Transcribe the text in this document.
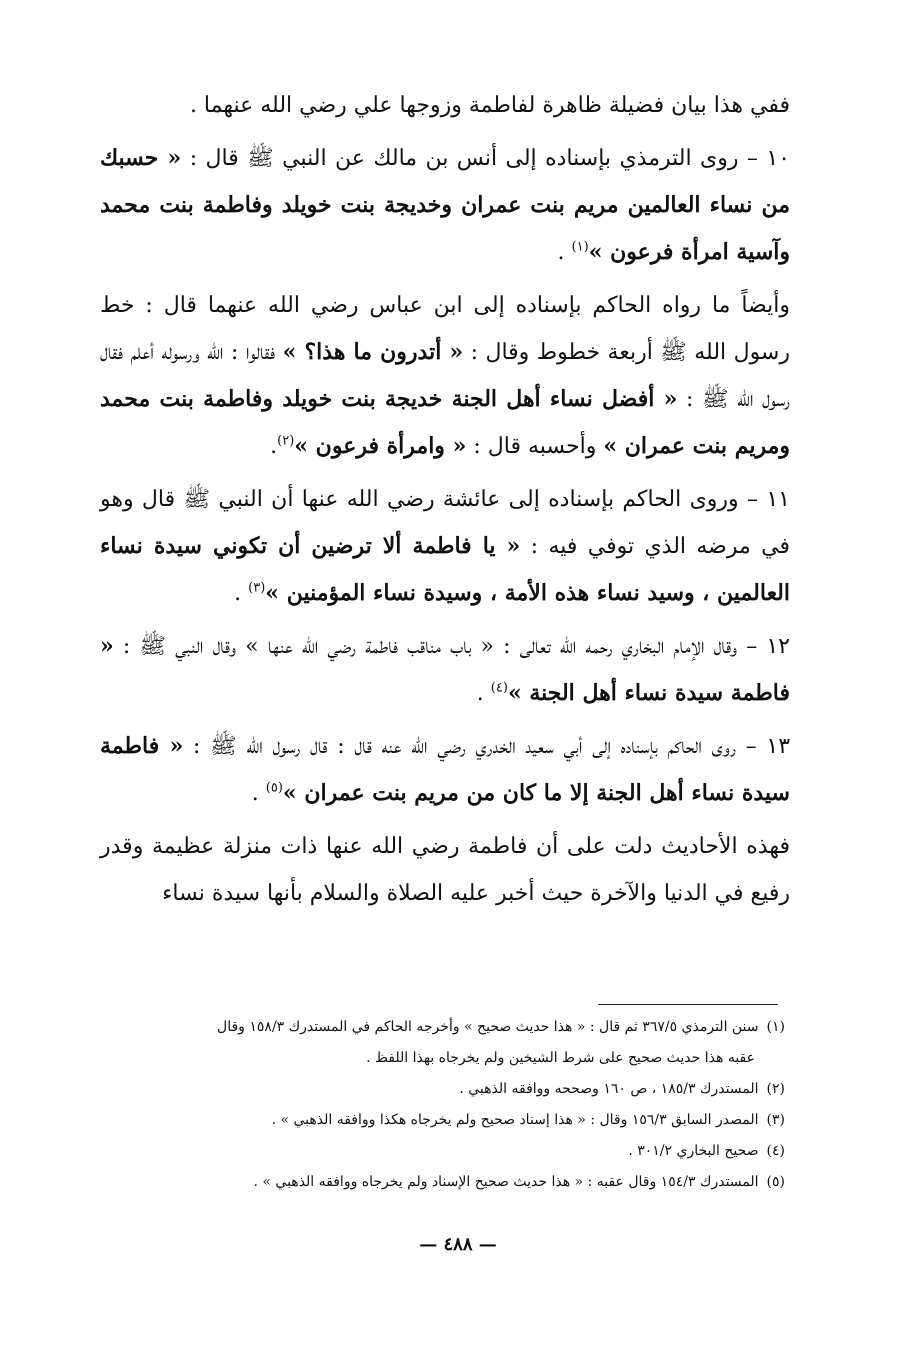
ففي هذا بيان فضيلة ظاهرة لفاطمة وزوجها علي رضي الله عنهما .

١٠ – روى الترمذي بإسناده إلى أنس بن مالك عن النبي ﷺ قال : « حسبك من نساء العالمين مريم بنت عمران وخديجة بنت خويلد وفاطمة بنت محمد وآسية امرأة فرعون »$^{(١)}$ .

وأيضاً ما رواه الحاكم بإسناده إلى ابن عباس رضي الله عنهما قال : خط رسول الله ﷺ أربعة خطوط وقال : « أتدرون ما هذا؟ » فقالوا : الله ورسوله أعلم فقال رسول الله ﷺ : « أفضل نساء أهل الجنة خديجة بنت خويلد وفاطمة بنت محمد ومريم بنت عمران » وأحسبه قال : « وامرأة فرعون »$^{(٢)}$.

١١ – وروى الحاكم بإسناده إلى عائشة رضي الله عنها أن النبي ﷺ قال وهو في مرضه الذي توفي فيه : « يا فاطمة ألا ترضين أن تكوني سيدة نساء العالمين ، وسيد نساء هذه الأمة ، وسيدة نساء المؤمنين »$^{(٣)}$ .

١٢ – وقال الإمام البخاري رحمه الله تعالى : « باب مناقب فاطمة رضي الله عنها » وقال النبي ﷺ : « فاطمة سيدة نساء أهل الجنة »$^{(٤)}$ .

١٣ – روى الحاكم بإسناده إلى أبي سعيد الخدري رضي الله عنه قال : قال رسول الله ﷺ : « فاطمة سيدة نساء أهل الجنة إلا ما كان من مريم بنت عمران »$^{(٥)}$ .

فهذه الأحاديث دلت على أن فاطمة رضي الله عنها ذات منزلة عظيمة وقدر رفيع في الدنيا والآخرة حيث أخبر عليه الصلاة والسلام بأنها سيدة نساء

(١)سنن الترمذي ٣٦٧/٥ ثم قال : « هذا حديث صحيح » وأخرجه الحاكم في المستدرك ١٥٨/٣ وقال

عقبه هذا حديث صحيح على شرط الشيخين ولم يخرجاه بهذا اللفظ .

(٢)المستدرك ١٨٥/٣ ، ص ١٦٠ وصححه ووافقه الذهبي .

(٣)المصدر السابق ١٥٦/٣ وقال : « هذا إسناد صحيح ولم يخرجاه هكذا ووافقه الذهبي » .

(٤)صحيح البخاري ٣٠١/٢ .

(٥)المستدرك ١٥٤/٣ وقال عقبه : « هذا حديث صحيح الإسناد ولم يخرجاه ووافقه الذهبي » .

— ٤٨٨ —
